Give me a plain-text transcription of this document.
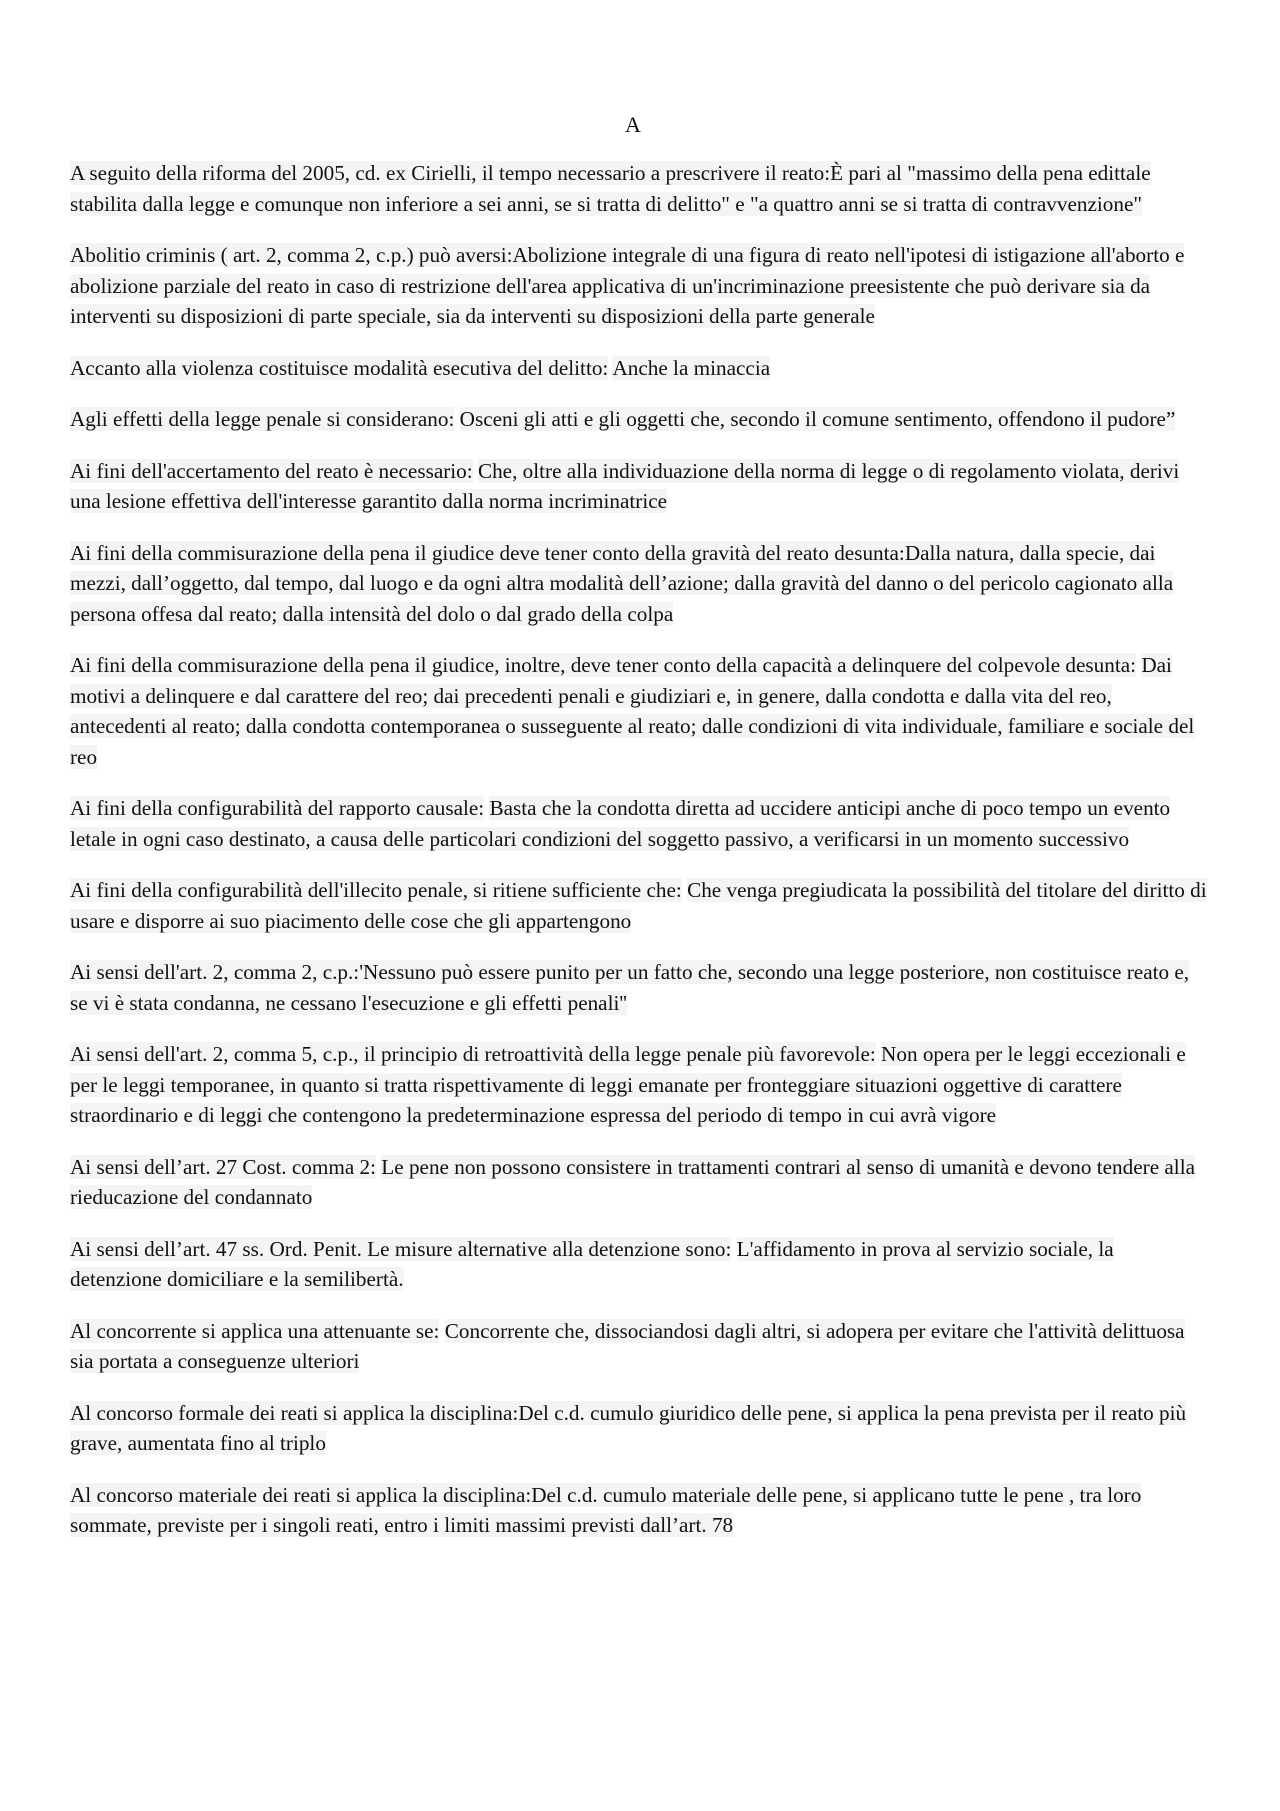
A

A seguito della riforma del 2005, cd. ex Cirielli, il tempo necessario a prescrivere il reato:È pari al "massimo della pena edittale stabilita dalla legge e comunque non inferiore a sei anni, se si tratta di delitto" e "a quattro anni se si tratta di contravvenzione"

Abolitio criminis ( art. 2, comma 2, c.p.) può aversi:Abolizione integrale di una figura di reato nell'ipotesi di istigazione all'aborto e abolizione parziale del reato in caso di restrizione dell'area applicativa di un'incriminazione preesistente che può derivare sia da interventi su disposizioni di parte speciale, sia da interventi su disposizioni della parte generale

Accanto alla violenza costituisce modalità esecutiva del delitto: Anche la minaccia

Agli effetti della legge penale si considerano: Osceni gli atti e gli oggetti che, secondo il comune sentimento, offendono il pudore”

Ai fini dell'accertamento del reato è necessario: Che, oltre alla individuazione della norma di legge o di regolamento violata, derivi una lesione effettiva dell'interesse garantito dalla norma incriminatrice

Ai fini della commisurazione della pena il giudice deve tener conto della gravità del reato desunta:Dalla natura, dalla specie, dai mezzi, dall’oggetto, dal tempo, dal luogo e da ogni altra modalità dell’azione; dalla gravità del danno o del pericolo cagionato alla persona offesa dal reato; dalla intensità del dolo o dal grado della colpa

Ai fini della commisurazione della pena il giudice, inoltre, deve tener conto della capacità a delinquere del colpevole desunta: Dai motivi a delinquere e dal carattere del reo; dai precedenti penali e giudiziari e, in genere, dalla condotta e dalla vita del reo, antecedenti al reato; dalla condotta contemporanea o susseguente al reato; dalle condizioni di vita individuale, familiare e sociale del reo

Ai fini della configurabilità del rapporto causale: Basta che la condotta diretta ad uccidere anticipi anche di poco tempo un evento letale in ogni caso destinato, a causa delle particolari condizioni del soggetto passivo, a verificarsi in un momento successivo

Ai fini della configurabilità dell'illecito penale, si ritiene sufficiente che: Che venga pregiudicata la possibilità del titolare del diritto di usare e disporre ai suo piacimento delle cose che gli appartengono

Ai sensi dell'art. 2, comma 2, c.p.:'Nessuno può essere punito per un fatto che, secondo una legge posteriore, non costituisce reato e, se vi è stata condanna, ne cessano l'esecuzione e gli effetti penali''

Ai sensi dell'art. 2, comma 5, c.p., il principio di retroattività della legge penale più favorevole: Non opera per le leggi eccezionali e per le leggi temporanee, in quanto si tratta rispettivamente di leggi emanate per fronteggiare situazioni oggettive di carattere straordinario e di leggi che contengono la predeterminazione espressa del periodo di tempo in cui avrà vigore

Ai sensi dell’art. 27 Cost. comma 2: Le pene non possono consistere in trattamenti contrari al senso di umanità e devono tendere alla rieducazione del condannato

Ai sensi dell’art. 47 ss. Ord. Penit. Le misure alternative alla detenzione sono: L'affidamento in prova al servizio sociale, la detenzione domiciliare e la semilibertà.

Al concorrente si applica una attenuante se: Concorrente che, dissociandosi dagli altri, si adopera per evitare che l'attività delittuosa sia portata a conseguenze ulteriori

Al concorso formale dei reati si applica la disciplina:Del c.d. cumulo giuridico delle pene, si applica la pena prevista per il reato più grave, aumentata fino al triplo

Al concorso materiale dei reati si applica la disciplina:Del c.d. cumulo materiale delle pene, si applicano tutte le pene , tra loro sommate, previste per i singoli reati, entro i limiti massimi previsti dall’art. 78
